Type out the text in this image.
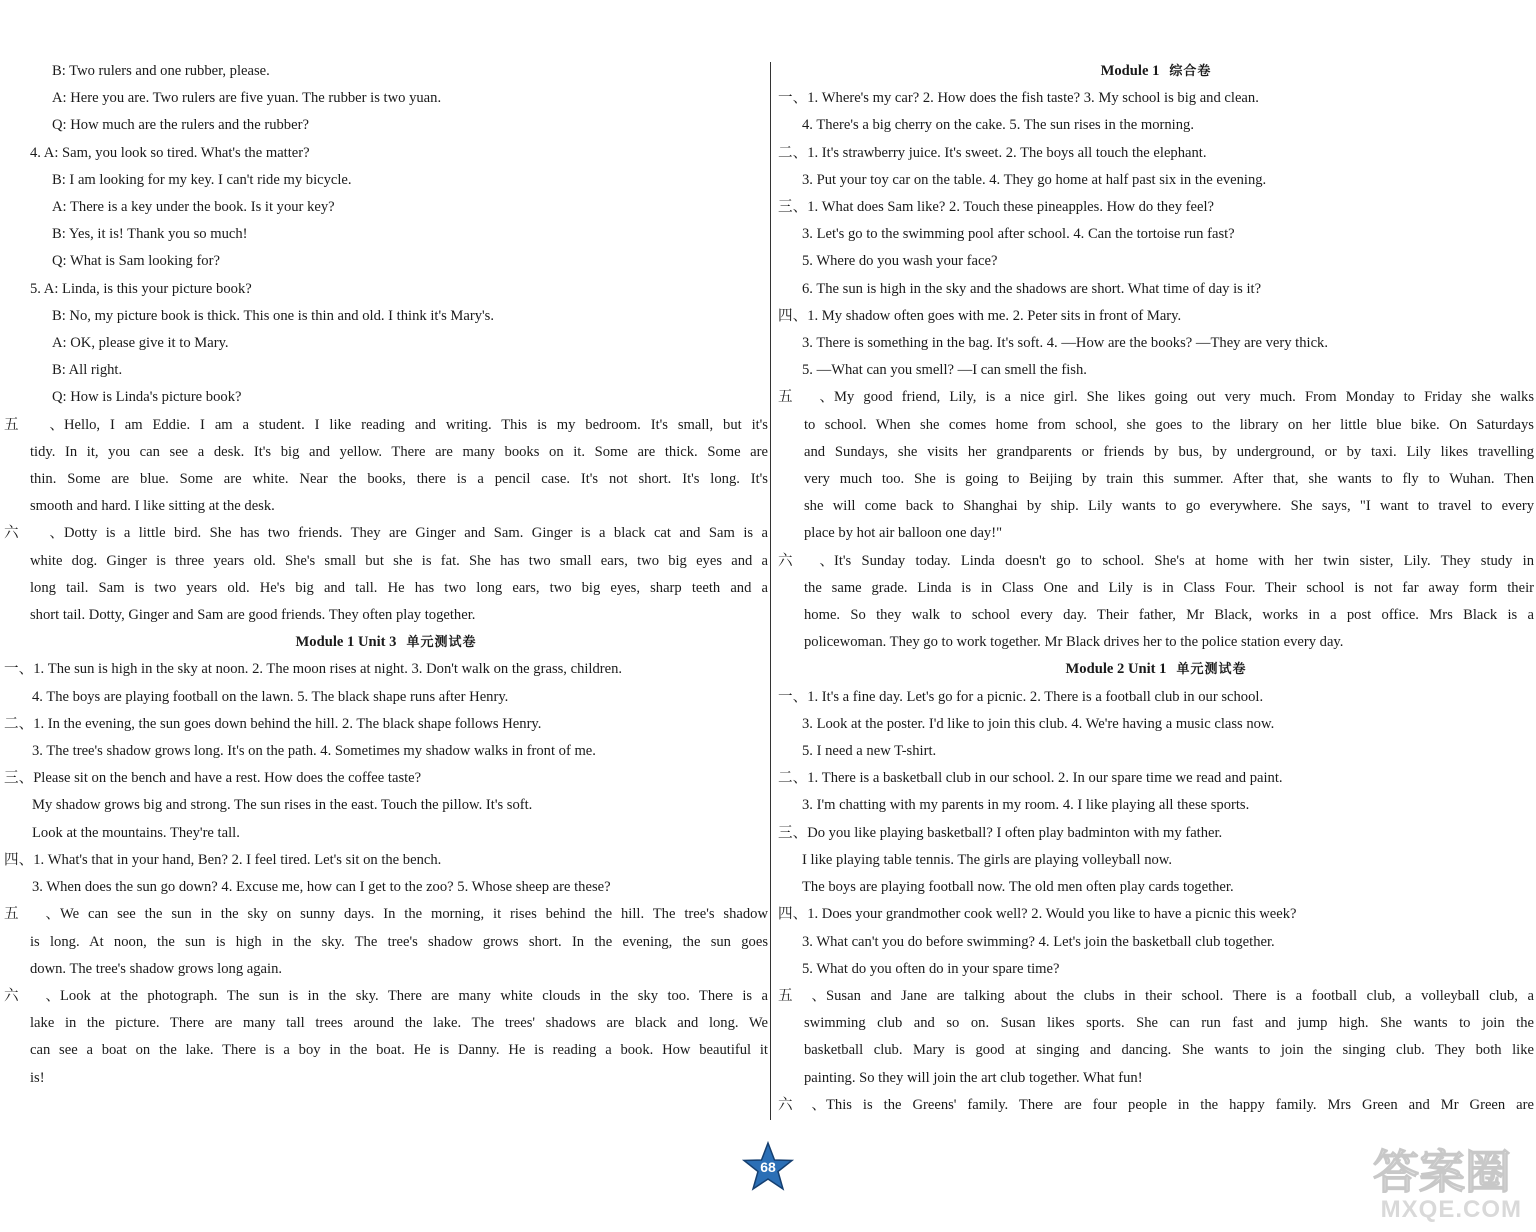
B: Two rulers and one rubber, please.
A: Here you are. Two rulers are five yuan. The rubber is two yuan.
Q: How much are the rulers and the rubber?
4. A: Sam, you look so tired. What's the matter?
B: I am looking for my key. I can't ride my bicycle.
A: There is a key under the book. Is it your key?
B: Yes, it is! Thank you so much!
Q: What is Sam looking for?
5. A: Linda, is this your picture book?
B: No, my picture book is thick. This one is thin and old. I think it's Mary's.
A: OK, please give it to Mary.
B: All right.
Q: How is Linda's picture book?
五、Hello, I am Eddie. I am a student. I like reading and writing. This is my bedroom. It's small, but it's
tidy. In it, you can see a desk. It's big and yellow. There are many books on it. Some are thick. Some are
thin. Some are blue. Some are white. Near the books, there is a pencil case. It's not short. It's long. It's
smooth and hard. I like sitting at the desk.
六、Dotty is a little bird. She has two friends. They are Ginger and Sam. Ginger is a black cat and Sam is a
white dog. Ginger is three years old. She's small but she is fat. She has two small ears, two big eyes and a
long tail. Sam is two years old. He's big and tall. He has two long ears, two big eyes, sharp teeth and a
short tail. Dotty, Ginger and Sam are good friends. They often play together.
Module 1 Unit 3 单元测试卷
一、1. The sun is high in the sky at noon. 2. The moon rises at night. 3. Don't walk on the grass, children.
4. The boys are playing football on the lawn. 5. The black shape runs after Henry.
二、1. In the evening, the sun goes down behind the hill. 2. The black shape follows Henry.
3. The tree's shadow grows long. It's on the path. 4. Sometimes my shadow walks in front of me.
三、Please sit on the bench and have a rest. How does the coffee taste?
My shadow grows big and strong. The sun rises in the east. Touch the pillow. It's soft.
Look at the mountains. They're tall.
四、1. What's that in your hand, Ben? 2. I feel tired. Let's sit on the bench.
3. When does the sun go down? 4. Excuse me, how can I get to the zoo? 5. Whose sheep are these?
五、We can see the sun in the sky on sunny days. In the morning, it rises behind the hill. The tree's shadow
is long. At noon, the sun is high in the sky. The tree's shadow grows short. In the evening, the sun goes
down. The tree's shadow grows long again.
六、Look at the photograph. The sun is in the sky. There are many white clouds in the sky too. There is a
lake in the picture. There are many tall trees around the lake. The trees' shadows are black and long. We
can see a boat on the lake. There is a boy in the boat. He is Danny. He is reading a book. How beautiful it
is!
Module 1 综合卷
一、1. Where's my car? 2. How does the fish taste? 3. My school is big and clean.
4. There's a big cherry on the cake. 5. The sun rises in the morning.
二、1. It's strawberry juice. It's sweet. 2. The boys all touch the elephant.
3. Put your toy car on the table. 4. They go home at half past six in the evening.
三、1. What does Sam like? 2. Touch these pineapples. How do they feel?
3. Let's go to the swimming pool after school. 4. Can the tortoise run fast?
5. Where do you wash your face?
6. The sun is high in the sky and the shadows are short. What time of day is it?
四、1. My shadow often goes with me. 2. Peter sits in front of Mary.
3. There is something in the bag. It's soft. 4. —How are the books? —They are very thick.
5. —What can you smell? —I can smell the fish.
五、My good friend, Lily, is a nice girl. She likes going out very much. From Monday to Friday she walks
to school. When she comes home from school, she goes to the library on her little blue bike. On Saturdays
and Sundays, she visits her grandparents or friends by bus, by underground, or by taxi. Lily likes travelling
very much too. She is going to Beijing by train this summer. After that, she wants to fly to Wuhan. Then
she will come back to Shanghai by ship. Lily wants to go everywhere. She says, "I want to travel to every
place by hot air balloon one day!"
六、It's Sunday today. Linda doesn't go to school. She's at home with her twin sister, Lily. They study in
the same grade. Linda is in Class One and Lily is in Class Four. Their school is not far away form their
home. So they walk to school every day. Their father, Mr Black, works in a post office. Mrs Black is a
policewoman. They go to work together. Mr Black drives her to the police station every day.
Module 2 Unit 1 单元测试卷
一、1. It's a fine day. Let's go for a picnic. 2. There is a football club in our school.
3. Look at the poster. I'd like to join this club. 4. We're having a music class now.
5. I need a new T-shirt.
二、1. There is a basketball club in our school. 2. In our spare time we read and paint.
3. I'm chatting with my parents in my room. 4. I like playing all these sports.
三、Do you like playing basketball? I often play badminton with my father.
I like playing table tennis. The girls are playing volleyball now.
The boys are playing football now. The old men often play cards together.
四、1. Does your grandmother cook well? 2. Would you like to have a picnic this week?
3. What can't you do before swimming? 4. Let's join the basketball club together.
5. What do you often do in your spare time?
五、Susan and Jane are talking about the clubs in their school. There is a football club, a volleyball club, a
swimming club and so on. Susan likes sports. She can run fast and jump high. She wants to join the
basketball club. Mary is good at singing and dancing. She wants to join the singing club. They both like
painting. So they will join the art club together. What fun!
六、This is the Greens' family. There are four people in the happy family. Mrs Green and Mr Green are
68	答案圈
MXQE.COM
